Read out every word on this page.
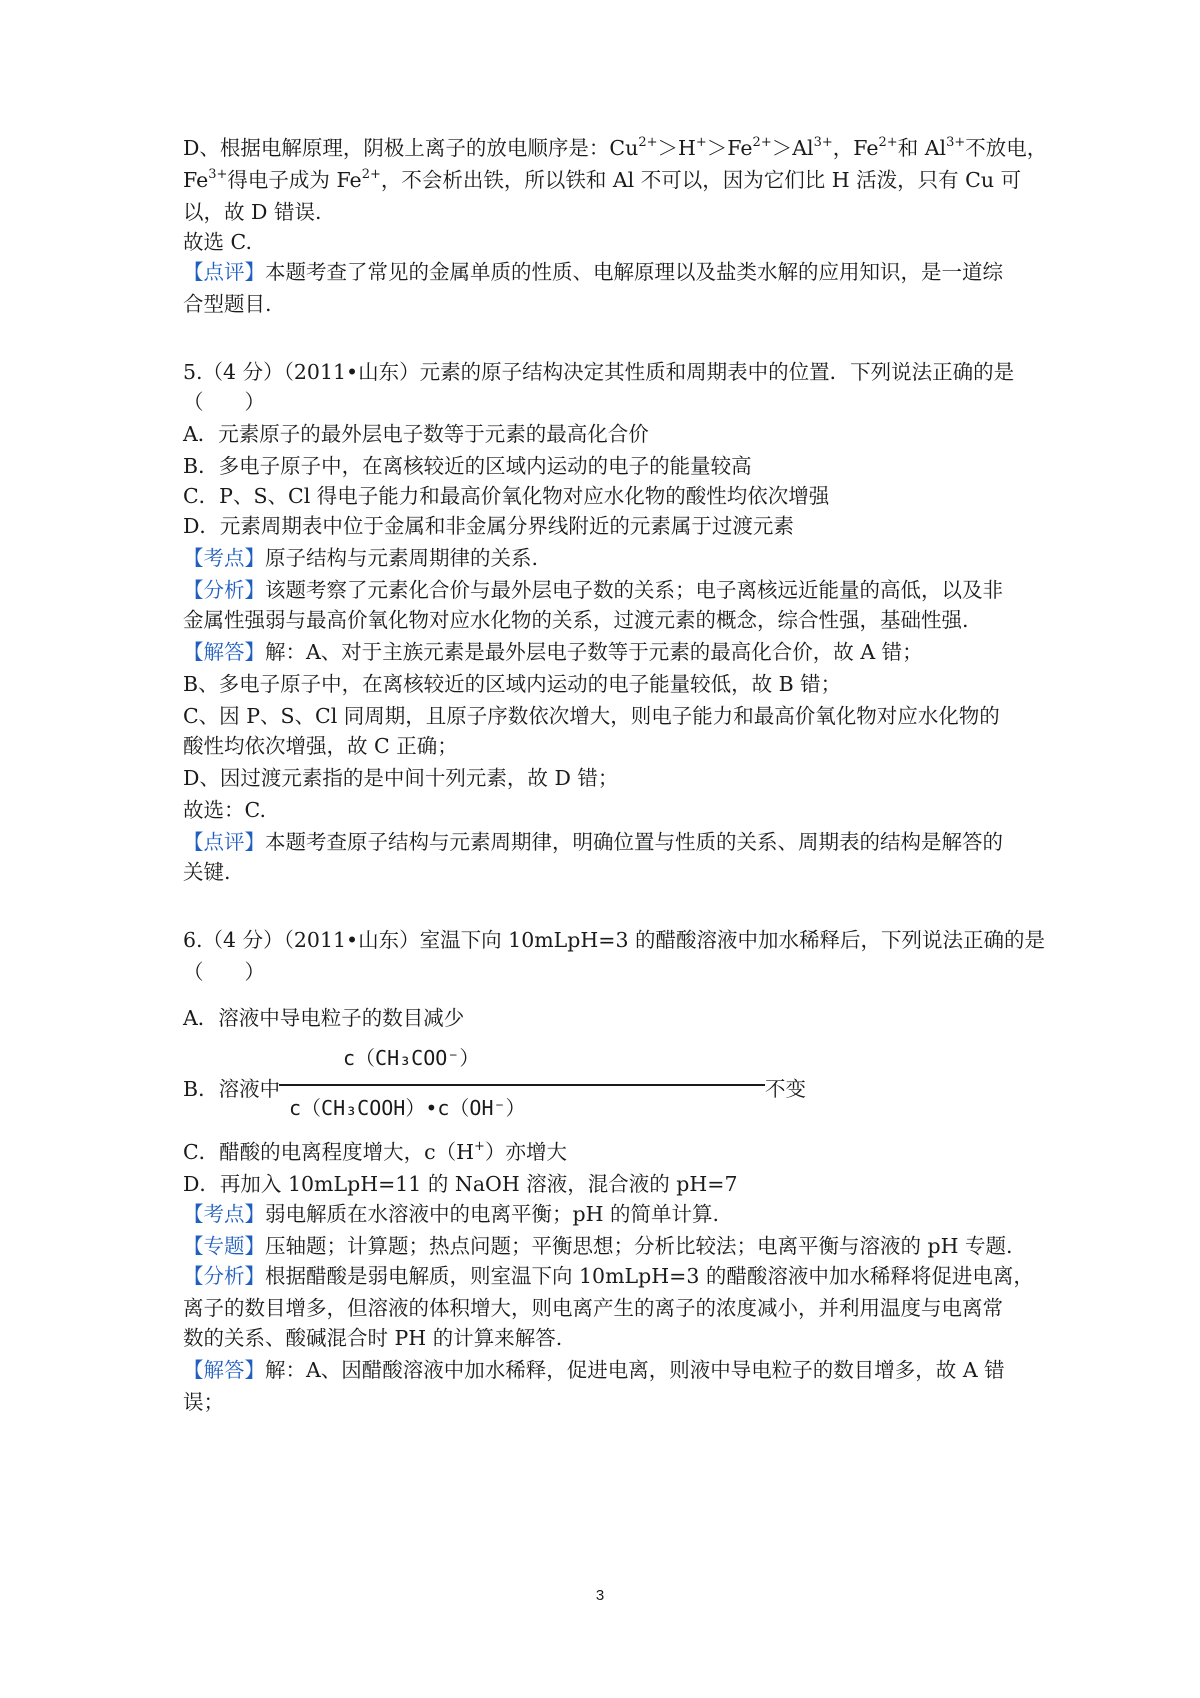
D、根据电解原理，阴极上离子的放电顺序是：$Cu^{2+}>H^+>Fe^{2+}>Al^{3+}$，$Fe^{2+}$和 $Al^{3+}$不放电，
$Fe^{3+}$得电子成为 $Fe^{2+}$，不会析出铁，所以铁和 Al 不可以，因为它们比 H 活泼，只有 Cu 可
以，故 D 错误.
故选 C.
【点评】本题考查了常见的金属单质的性质、电解原理以及盐类水解的应用知识，是一道综
合型题目.
5.（4 分）（2011•山东）元素的原子结构决定其性质和周期表中的位置．下列说法正确的是
（　　）
A．元素原子的最外层电子数等于元素的最高化合价
B．多电子原子中，在离核较近的区域内运动的电子的能量较高
C．P、S、Cl 得电子能力和最高价氧化物对应水化物的酸性均依次增强
D．元素周期表中位于金属和非金属分界线附近的元素属于过渡元素
【考点】原子结构与元素周期律的关系.
【分析】该题考察了元素化合价与最外层电子数的关系；电子离核远近能量的高低，以及非
金属性强弱与最高价氧化物对应水化物的关系，过渡元素的概念，综合性强，基础性强.
【解答】解：A、对于主族元素是最外层电子数等于元素的最高化合价，故 A 错；
B、多电子原子中，在离核较近的区域内运动的电子能量较低，故 B 错；
C、因 P、S、Cl 同周期，且原子序数依次增大，则电子能力和最高价氧化物对应水化物的
酸性均依次增强，故 C 正确；
D、因过渡元素指的是中间十列元素，故 D 错；
故选：C.
【点评】本题考查原子结构与元素周期律，明确位置与性质的关系、周期表的结构是解答的
关键.
6.（4 分）（2011•山东）室温下向 10mLpH=3 的醋酸溶液中加水稀释后，下列说法正确的是
（　　）
A．溶液中导电粒子的数目减少
B．溶液中
c（CH₃COO⁻）
c（CH₃COOH）•c（OH⁻）
不变
C．醋酸的电离程度增大，c（H+）亦增大
D．再加入 10mLpH=11 的 NaOH 溶液，混合液的 pH=7
【考点】弱电解质在水溶液中的电离平衡；pH 的简单计算.
【专题】压轴题；计算题；热点问题；平衡思想；分析比较法；电离平衡与溶液的 pH 专题.
【分析】根据醋酸是弱电解质，则室温下向 10mLpH=3 的醋酸溶液中加水稀释将促进电离，
离子的数目增多，但溶液的体积增大，则电离产生的离子的浓度减小，并利用温度与电离常
数的关系、酸碱混合时 PH 的计算来解答.
【解答】解：A、因醋酸溶液中加水稀释，促进电离，则液中导电粒子的数目增多，故 A 错
误；
3
